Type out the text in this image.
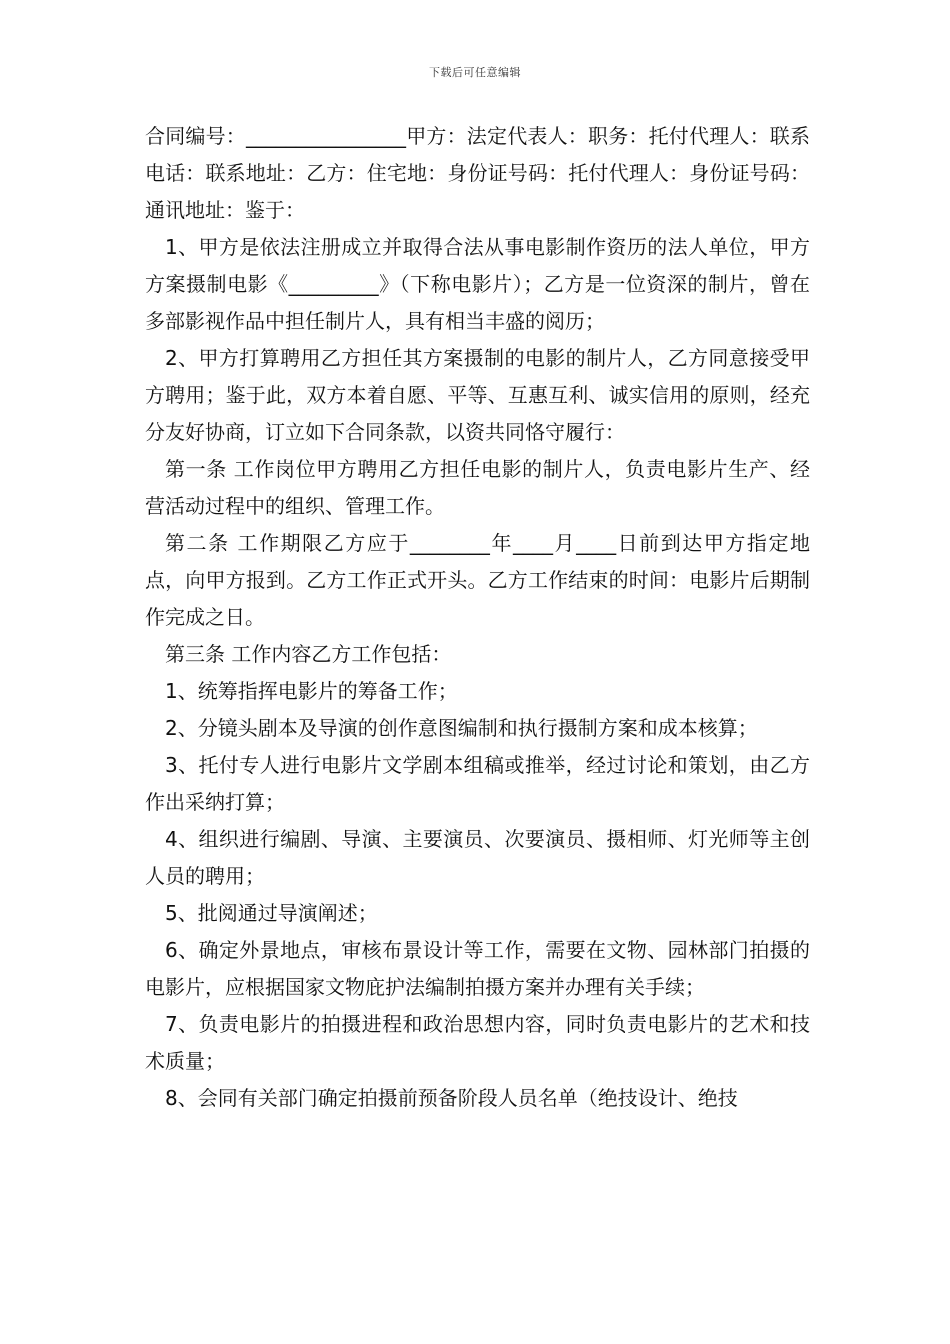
下载后可任意编辑

合同编号：________________甲方：法定代表人：职务：托付代理人：联系电话：联系地址：乙方：住宅地：身份证号码：托付代理人：身份证号码：通讯地址：鉴于：

1、甲方是依法注册成立并取得合法从事电影制作资历的法人单位，甲方方案摄制电影《_________》（下称电影片）；乙方是一位资深的制片，曾在多部影视作品中担任制片人，具有相当丰盛的阅历；

2、甲方打算聘用乙方担任其方案摄制的电影的制片人，乙方同意接受甲方聘用；鉴于此，双方本着自愿、平等、互惠互利、诚实信用的原则，经充分友好协商，订立如下合同条款，以资共同恪守履行：

第一条 工作岗位甲方聘用乙方担任电影的制片人，负责电影片生产、经营活动过程中的组织、管理工作。

第二条 工作期限乙方应于________年____月____日前到达甲方指定地点，向甲方报到。乙方工作正式开头。乙方工作结束的时间：电影片后期制作完成之日。

第三条 工作内容乙方工作包括：

1、统筹指挥电影片的筹备工作；

2、分镜头剧本及导演的创作意图编制和执行摄制方案和成本核算；

3、托付专人进行电影片文学剧本组稿或推举，经过讨论和策划，由乙方作出采纳打算；

4、组织进行编剧、导演、主要演员、次要演员、摄相师、灯光师等主创人员的聘用；

5、批阅通过导演阐述；

6、确定外景地点，审核布景设计等工作，需要在文物、园林部门拍摄的电影片，应根据国家文物庇护法编制拍摄方案并办理有关手续；

7、负责电影片的拍摄进程和政治思想内容，同时负责电影片的艺术和技术质量；

8、会同有关部门确定拍摄前预备阶段人员名单（绝技设计、绝技
